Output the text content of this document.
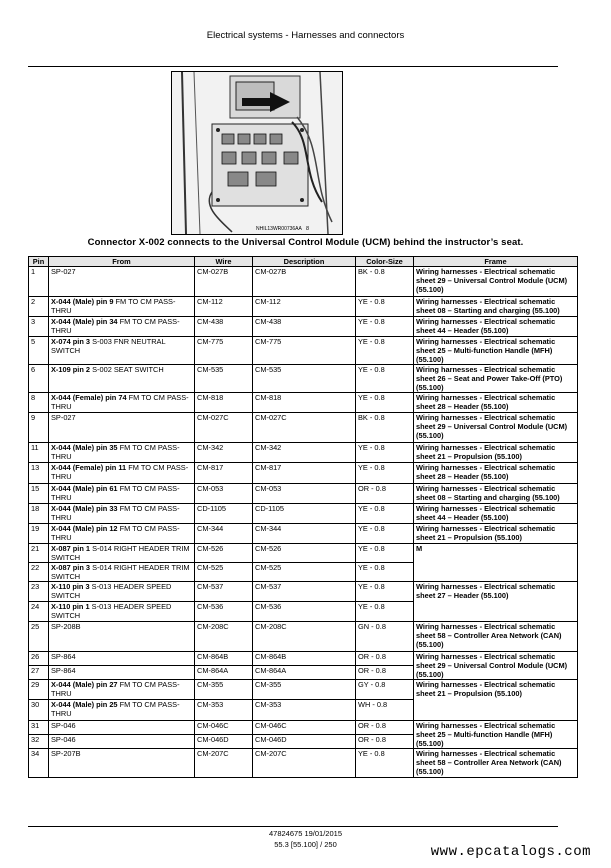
Electrical systems - Harnesses and connectors
NHIL13WR00736AA 8
Connector X-002 connects to the Universal Control Module (UCM) behind the instructor’s seat.
Pin	From	Wire	Description	Color-Size	Frame
1	SP-027	CM-027B	CM-027B	BK - 0.8	Wiring harnesses - Electrical schematic sheet 29 – Universal Control Module (UCM) (55.100)
2	X-044 (Male) pin 9 FM TO CM PASS-THRU	CM-112	CM-112	YE - 0.8	Wiring harnesses - Electrical schematic sheet 08 – Starting and charging (55.100)
3	X-044 (Male) pin 34 FM TO CM PASS-THRU	CM-438	CM-438	YE - 0.8	Wiring harnesses - Electrical schematic sheet 44 – Header (55.100)
5	X-074 pin 3 S-003 FNR NEUTRAL SWITCH	CM-775	CM-775	YE - 0.8	Wiring harnesses - Electrical schematic sheet 25 – Multi-function Handle (MFH) (55.100)
6	X-109 pin 2 S-002 SEAT SWITCH	CM-535	CM-535	YE - 0.8	Wiring harnesses - Electrical schematic sheet 26 – Seat and Power Take-Off (PTO) (55.100)
8	X-044 (Female) pin 74 FM TO CM PASS-THRU	CM-818	CM-818	YE - 0.8	Wiring harnesses - Electrical schematic sheet 28 – Header (55.100)
9	SP-027	CM-027C	CM-027C	BK - 0.8	Wiring harnesses - Electrical schematic sheet 29 – Universal Control Module (UCM) (55.100)
11	X-044 (Male) pin 35 FM TO CM PASS-THRU	CM-342	CM-342	YE - 0.8	Wiring harnesses - Electrical schematic sheet 21 – Propulsion (55.100)
13	X-044 (Female) pin 11 FM TO CM PASS-THRU	CM-817	CM-817	YE - 0.8	Wiring harnesses - Electrical schematic sheet 28 – Header (55.100)
15	X-044 (Male) pin 61 FM TO CM PASS-THRU	CM-053	CM-053	OR - 0.8	Wiring harnesses - Electrical schematic sheet 08 – Starting and charging (55.100)
18	X-044 (Male) pin 33 FM TO CM PASS-THRU	CD-1105	CD-1105	YE - 0.8	Wiring harnesses - Electrical schematic sheet 44 – Header (55.100)
19	X-044 (Male) pin 12 FM TO CM PASS-THRU	CM-344	CM-344	YE - 0.8	Wiring harnesses - Electrical schematic sheet 21 – Propulsion (55.100)
21	X-087 pin 1 S-014 RIGHT HEADER TRIM SWITCH	CM-526	CM-526	YE - 0.8	M
22	X-087 pin 3 S-014 RIGHT HEADER TRIM SWITCH	CM-525	CM-525	YE - 0.8	
23	X-110 pin 3 S-013 HEADER SPEED SWITCH	CM-537	CM-537	YE - 0.8	Wiring harnesses - Electrical schematic sheet 27 – Header (55.100)
24	X-110 pin 1 S-013 HEADER SPEED SWITCH	CM-536	CM-536	YE - 0.8	
25	SP-208B	CM-208C	CM-208C	GN - 0.8	Wiring harnesses - Electrical schematic sheet 58 – Controller Area Network (CAN) (55.100)
26	SP-864	CM-864B	CM-864B	OR - 0.8	Wiring harnesses - Electrical schematic sheet 29 – Universal Control Module (UCM) (55.100)
27	SP-864	CM-864A	CM-864A	OR - 0.8	
29	X-044 (Male) pin 27 FM TO CM PASS-THRU	CM-355	CM-355	GY - 0.8	Wiring harnesses - Electrical schematic sheet 21 – Propulsion (55.100)
30	X-044 (Male) pin 25 FM TO CM PASS-THRU	CM-353	CM-353	WH - 0.8	
31	SP-046	CM-046C	CM-046C	OR - 0.8	Wiring harnesses - Electrical schematic sheet 25 – Multi-function Handle (MFH) (55.100)
32	SP-046	CM-046D	CM-046D	OR - 0.8	
34	SP-207B	CM-207C	CM-207C	YE - 0.8	Wiring harnesses - Electrical schematic sheet 58 – Controller Area Network (CAN) (55.100)
47824675 19/01/2015
55.3 [55.100] / 250	www.epcatalogs.com
